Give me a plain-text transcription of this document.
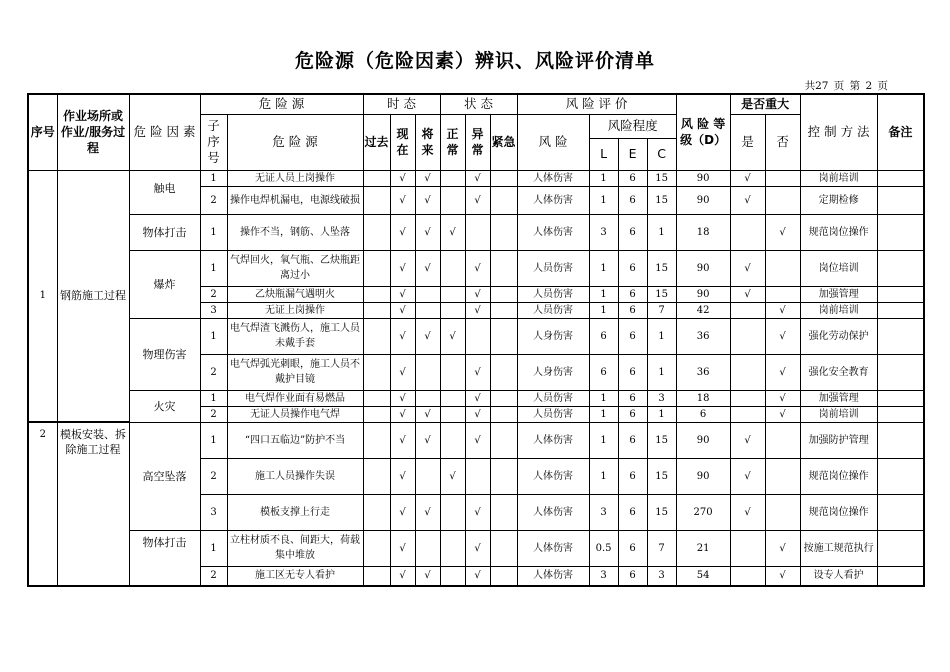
危险源（危险因素）辨识、风险评价清单
共27 页 第 2 页
序号	作业场所或作业/服务过程	危 险 因 素	危 险 源		时 态			状 态			风 险 评 价				风 险 等 级（D）	是否重大		控 制 方 法	备注
			子序号	危 险 源	过去	现在	将来	正常	异常	紧急	风 险	风险程度				是	否		
												L	E	C					
1	钢筋施工过程	触电	1	无证人员上岗操作		√	√		√		人体伤害	1	6	15	90	√		岗前培训	
			2	操作电焊机漏电，电源线破损		√	√		√		人体伤害	1	6	15	90	√		定期检修	
		物体打击	1	操作不当，钢筋、人坠落		√	√	√			人体伤害	3	6	1	18		√	规范岗位操作	
		爆炸	1	气焊回火，氧气瓶、乙炔瓶距离过小		√	√		√		人员伤害	1	6	15	90	√		岗位培训	
			2	乙炔瓶漏气遇明火		√			√		人员伤害	1	6	15	90	√		加强管理	
			3	无证上岗操作		√			√		人员伤害	1	6	7	42		√	岗前培训	
		物理伤害	1	电气焊渣飞溅伤人，施工人员未戴手套		√	√	√			人身伤害	6	6	1	36		√	强化劳动保护	
			2	电气焊弧光刺眼，施工人员不戴护目镜		√			√		人身伤害	6	6	1	36		√	强化安全教育	
		火灾	1	电气焊作业面有易燃品		√			√		人员伤害	1	6	3	18		√	加强管理	
			2	无证人员操作电气焊		√	√		√		人员伤害	1	6	1	6		√	岗前培训	
2	模板安装、拆除施工过程	高空坠落	1	“四口五临边”防护不当		√	√		√		人体伤害	1	6	15	90	√		加强防护管理	
			2	施工人员操作失误		√		√			人体伤害	1	6	15	90	√		规范岗位操作	
			3	模板支撑上行走		√	√		√		人体伤害	3	6	15	270	√		规范岗位操作	
		物体打击	1	立柱材质不良、间距大，荷载集中堆放		√			√		人体伤害	0.5	6	7	21		√	按施工规范执行	
			2	施工区无专人看护		√	√		√		人体伤害	3	6	3	54		√	设专人看护	
